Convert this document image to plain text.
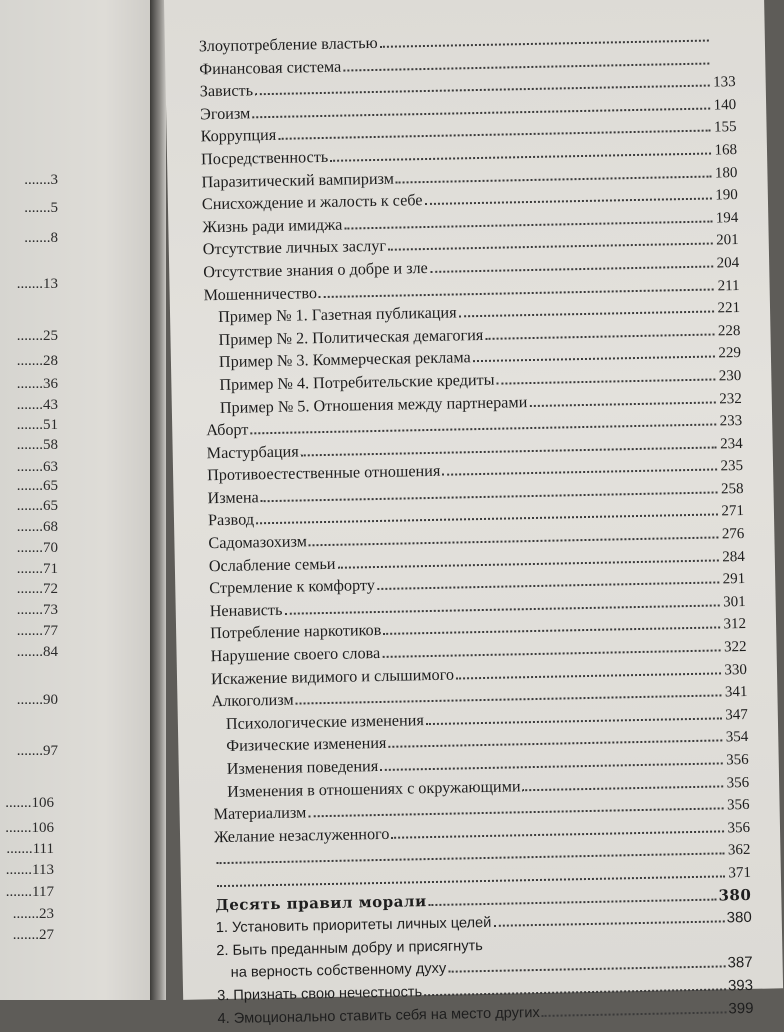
.......3
.......5
.......8
.......13
.......25
.......28
.......36
.......43
.......51
.......58
.......63
.......65
.......65
.......68
.......70
.......71
.......72
.......73
.......77
.......84
.......90
.......97
.......106
.......106
.......111
.......113
.......117
.......23
.......27
Злоупотребление властью
Финансовая система
Зависть	133
Эгоизм	140
Коррупция	155
Посредственность	168
Паразитический вампиризм	180
Снисхождение и жалость к себе	190
Жизнь ради имиджа	194
Отсутствие личных заслуг	201
Отсутствие знания о добре и зле	204
Мошенничество	211
Пример № 1. Газетная публикация	221
Пример № 2. Политическая демагогия	228
Пример № 3. Коммерческая реклама	229
Пример № 4. Потребительские кредиты	230
Пример № 5. Отношения между партнерами	232
Аборт	233
Мастурбация	234
Противоестественные отношения	235
Измена	258
Развод	271
Садомазохизм	276
Ослабление семьи	284
Стремление к комфорту	291
Ненависть	301
Потребление наркотиков	312
Нарушение своего слова	322
Искажение видимого и слышимого	330
Алкоголизм	341
Психологические изменения	347
Физические изменения	354
Изменения поведения	356
Изменения в отношениях с окружающими	356
Материализм	356
Желание незаслуженного	356
362
371
Десять правил морали	380
1. Установить приоритеты личных целей	380
2. Быть преданным добру и присягнуть
на верность собственному духу	387
3. Признать свою нечестность	393
4. Эмоционально ставить себя на место других	399
